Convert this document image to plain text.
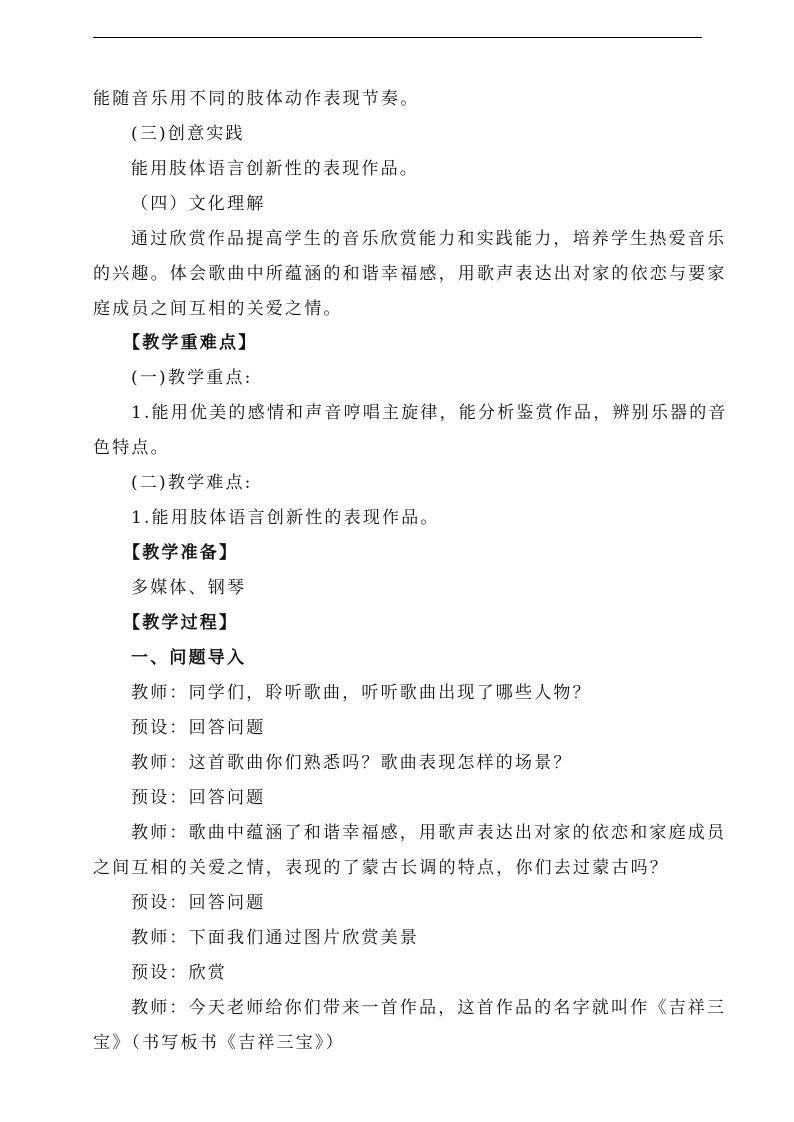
能随音乐用不同的肢体动作表现节奏。
(三)创意实践
能用肢体语言创新性的表现作品。
（四）文化理解
通过欣赏作品提高学生的音乐欣赏能力和实践能力，培养学生热爱音乐
的兴趣。体会歌曲中所蕴涵的和谐幸福感，用歌声表达出对家的依恋与要家
庭成员之间互相的关爱之情。
【教学重难点】
(一)教学重点:
1.能用优美的感情和声音哼唱主旋律，能分析鉴赏作品，辨别乐器的音
色特点。
(二)教学难点:
1.能用肢体语言创新性的表现作品。
【教学准备】
多媒体、钢琴
【教学过程】
一、问题导入
教师：同学们，聆听歌曲，听听歌曲出现了哪些人物？
预设：回答问题
教师：这首歌曲你们熟悉吗？歌曲表现怎样的场景？
预设：回答问题
教师：歌曲中蕴涵了和谐幸福感，用歌声表达出对家的依恋和家庭成员
之间互相的关爱之情，表现的了蒙古长调的特点，你们去过蒙古吗？
预设：回答问题
教师：下面我们通过图片欣赏美景
预设：欣赏
教师：今天老师给你们带来一首作品，这首作品的名字就叫作《吉祥三
宝》（书写板书《吉祥三宝》）
